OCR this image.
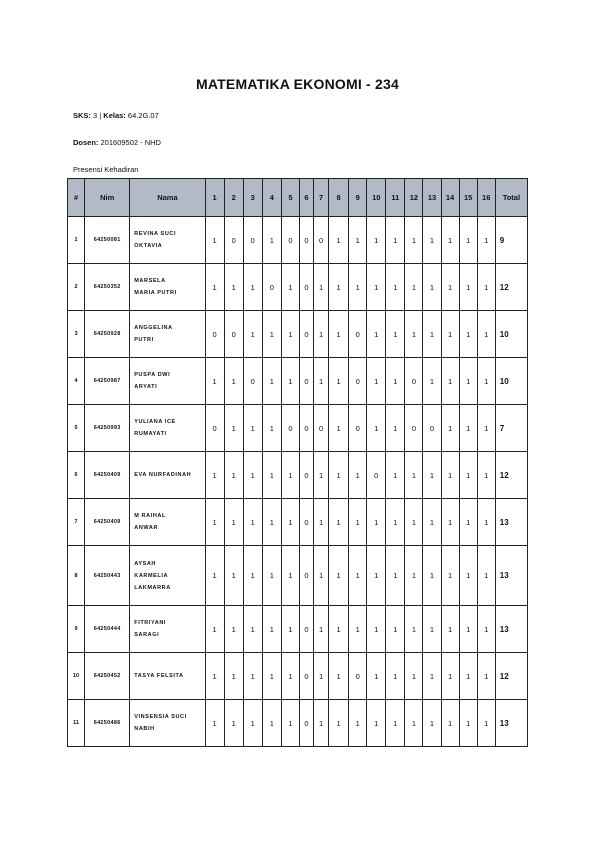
MATEMATIKA EKONOMI - 234
SKS: 3 | Kelas: 64.2G.07
Dosen: 201609502 - NHD
Presensi Kehadiran
#	Nim	Nama	1	2	3	4	5	6	7	8	9	10	11	12	13	14	15	16	Total
1	64250081	REVINA SUCI
OKTAVIA	1	0	0	1	0	0	0	1	1	1	1	1	1	1	1	1	9
2	64250352	MARSELA
MARIA PUTRI	1	1	1	0	1	0	1	1	1	1	1	1	1	1	1	1	12
3	64250928	ANGGELINA
PUTRI	0	0	1	1	1	0	1	1	0	1	1	1	1	1	1	1	10
4	64250987	PUSPA DWI
ARYATI	1	1	0	1	1	0	1	1	0	1	1	0	1	1	1	1	10
5	64250993	YULIANA ICE
RUMAYATI	0	1	1	1	0	0	0	1	0	1	1	0	0	1	1	1	7
6	64250409	EVA NURFADINAH	1	1	1	1	1	0	1	1	1	0	1	1	1	1	1	1	12
7	64250409	M RAIHAL
ANWAR	1	1	1	1	1	0	1	1	1	1	1	1	1	1	1	1	13
8	64250443	AYSAH
KARMELIA
LAKMARRA	1	1	1	1	1	0	1	1	1	1	1	1	1	1	1	1	13
9	64250444	FITRIYANI
SARAGI	1	1	1	1	1	0	1	1	1	1	1	1	1	1	1	1	13
10	64250452	TASYA FELSITA	1	1	1	1	1	0	1	1	0	1	1	1	1	1	1	1	12
11	64250486	VINSENSIA SUCI
NABIH	1	1	1	1	1	0	1	1	1	1	1	1	1	1	1	1	13
